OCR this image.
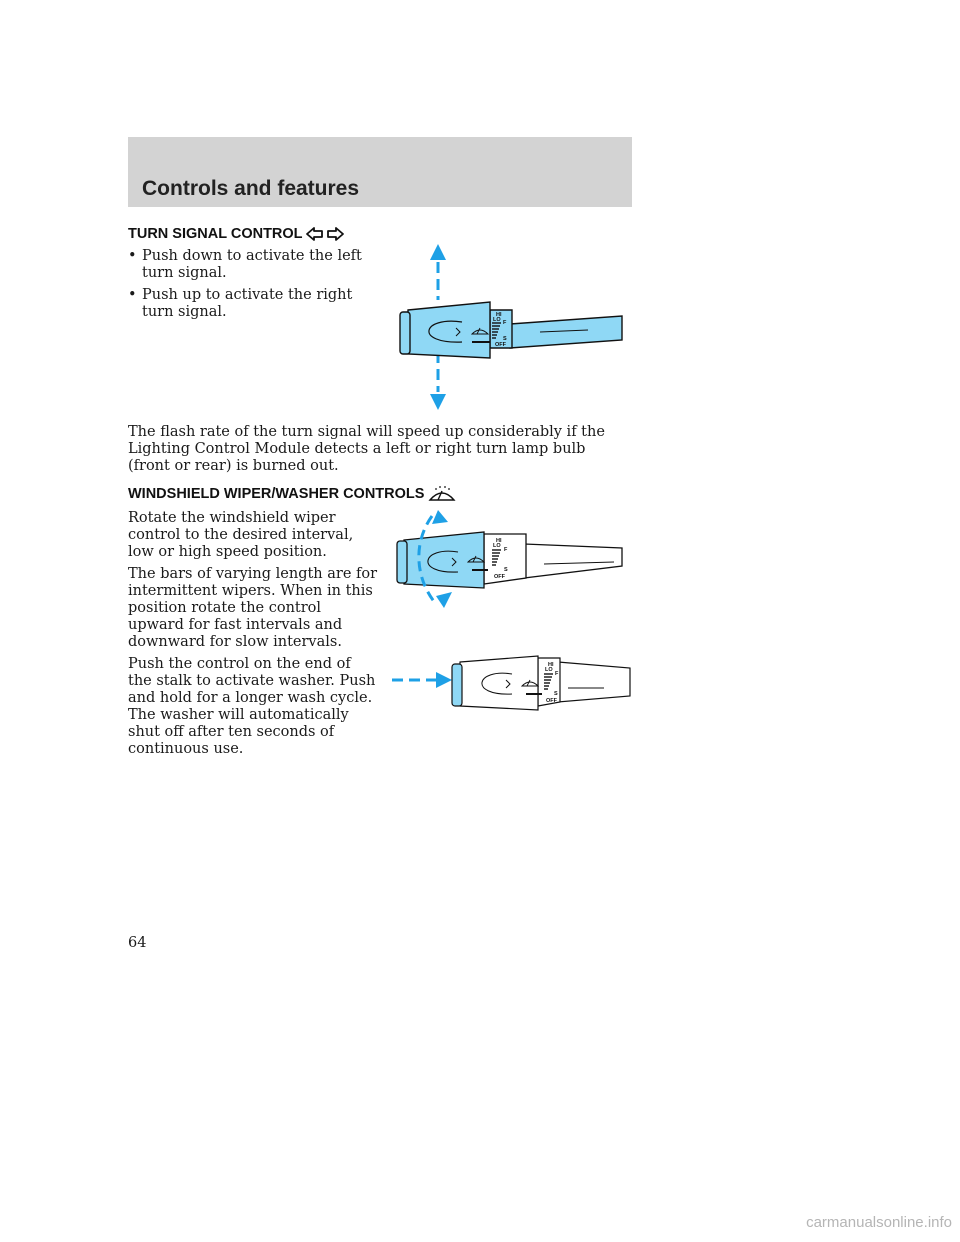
Controls and features
TURN SIGNAL CONTROL
• Push down to activate the left turn signal.
• Push up to activate the right turn signal.	HI
LO F
S
OFF

The flash rate of the turn signal will speed up considerably if the Lighting Control Module detects a left or right turn lamp bulb (front or rear) is burned out.

WINDSHIELD WIPER/WASHER CONTROLS

Rotate the windshield wiper control to the desired interval, low or high speed position.

The bars of varying length are for intermittent wipers. When in this position rotate the control upward for fast intervals and downward for slow intervals.

Push the control on the end of the stalk to activate washer. Push and hold for a longer wash cycle. The washer will automatically shut off after ten seconds of continuous use.

HI
LO
F
S
OFF
HI
LO
F
S
OFF

64

carmanualsonline.info
